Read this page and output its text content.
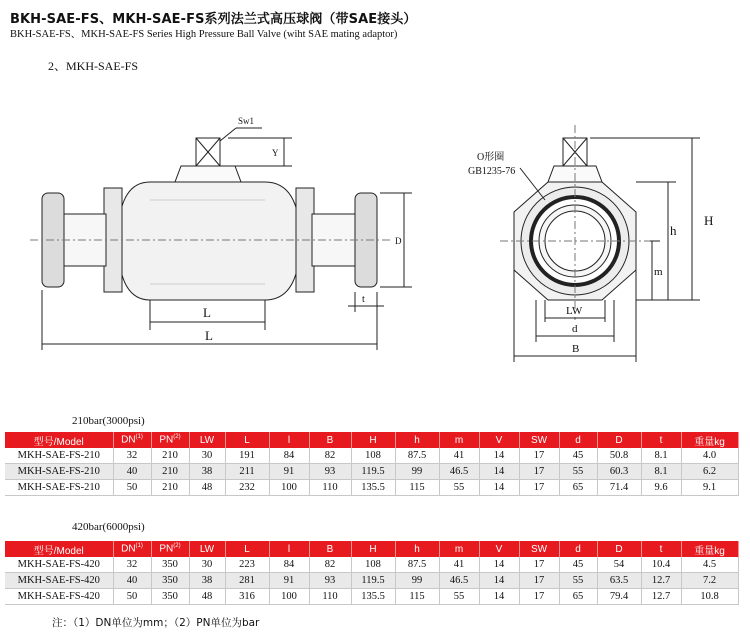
BKH-SAE-FS、MKH-SAE-FS系列法兰式高压球阀（带SAE接头）
BKH-SAE-FS、MKH-SAE-FS Series High Pressure Ball Valve (wiht SAE mating adaptor)
2、MKH-SAE-FS
Sw1
Y
D
t
L
L
O形圈
GB1235-76
LW
d
B
h
H
m
210bar(3000psi)
型号/Model	DN$^{(1)}$	PN$^{(2)}$	LW	L	l	B	H	h	m	V	SW	d	D	t	重量kg
MKH-SAE-FS-210	32	210	30	191	84	82	108	87.5	41	14	17	45	50.8	8.1	4.0
MKH-SAE-FS-210	40	210	38	211	91	93	119.5	99	46.5	14	17	55	60.3	8.1	6.2
MKH-SAE-FS-210	50	210	48	232	100	110	135.5	115	55	14	17	65	71.4	9.6	9.1
420bar(6000psi)
型号/Model	DN$^{(1)}$	PN$^{(2)}$	LW	L	l	B	H	h	m	V	SW	d	D	t	重量kg
MKH-SAE-FS-420	32	350	30	223	84	82	108	87.5	41	14	17	45	54	10.4	4.5
MKH-SAE-FS-420	40	350	38	281	91	93	119.5	99	46.5	14	17	55	63.5	12.7	7.2
MKH-SAE-FS-420	50	350	48	316	100	110	135.5	115	55	14	17	65	79.4	12.7	10.8
注：（1）DN单位为mm；（2）PN单位为bar
